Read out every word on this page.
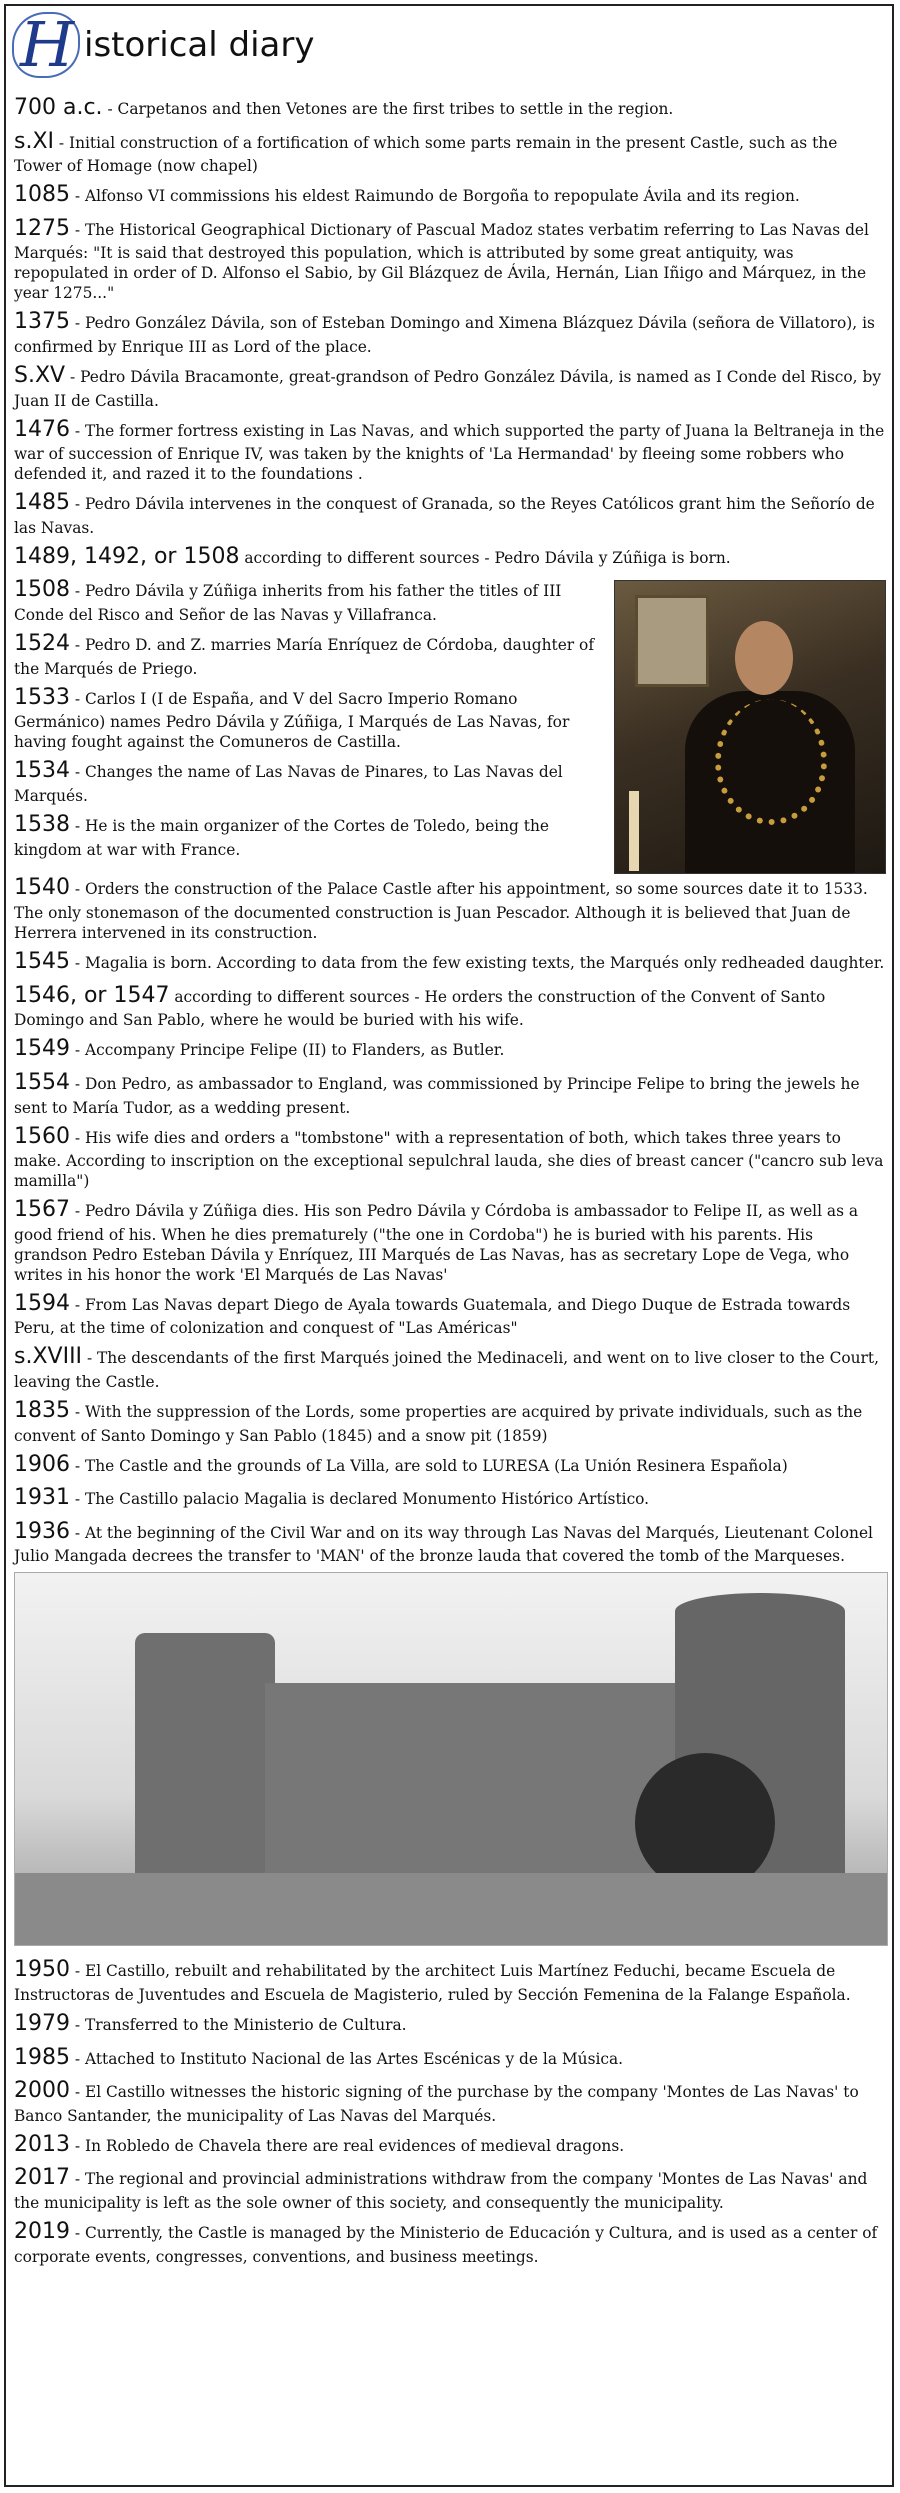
H istorical diary
700 a.c. - Carpetanos and then Vetones are the first tribes to settle in the region.
s.XI - Initial construction of a fortification of which some parts remain in the present Castle, such as the Tower of Homage (now chapel)
1085 - Alfonso VI commissions his eldest Raimundo de Borgoña to repopulate Ávila and its region.
1275 - The Historical Geographical Dictionary of Pascual Madoz states verbatim referring to Las Navas del Marqués: "It is said that destroyed this population, which is attributed by some great antiquity, was repopulated in order of D. Alfonso el Sabio, by Gil Blázquez de Ávila, Hernán, Lian Iñigo and Márquez, in the year 1275..."
1375 - Pedro González Dávila, son of Esteban Domingo and Ximena Blázquez Dávila (señora de Villatoro), is confirmed by Enrique III as Lord of the place.
S.XV - Pedro Dávila Bracamonte, great-grandson of Pedro González Dávila, is named as I Conde del Risco, by Juan II de Castilla.
1476 - The former fortress existing in Las Navas, and which supported the party of Juana la Beltraneja in the war of succession of Enrique IV, was taken by the knights of 'La Hermandad' by fleeing some robbers who defended it, and razed it to the foundations .
1485 - Pedro Dávila intervenes in the conquest of Granada, so the Reyes Católicos grant him the Señorío de las Navas.
1489, 1492, or 1508 according to different sources - Pedro Dávila y Zúñiga is born.
1508 - Pedro Dávila y Zúñiga inherits from his father the titles of III Conde del Risco and Señor de las Navas y Villafranca.
1524 - Pedro D. and Z. marries María Enríquez de Córdoba, daughter of the Marqués de Priego.
1533 - Carlos I (I de España, and V del Sacro Imperio Romano Germánico) names Pedro Dávila y Zúñiga, I Marqués de Las Navas, for having fought against the Comuneros de Castilla.
1534 - Changes the name of Las Navas de Pinares, to Las Navas del Marqués.
1538 - He is the main organizer of the Cortes de Toledo, being the kingdom at war with France.
1540 - Orders the construction of the Palace Castle after his appointment, so some sources date it to 1533. The only stonemason of the documented construction is Juan Pescador. Although it is believed that Juan de Herrera intervened in its construction.
1545 - Magalia is born. According to data from the few existing texts, the Marqués only redheaded daughter.
1546, or 1547 according to different sources - He orders the construction of the Convent of Santo Domingo and San Pablo, where he would be buried with his wife.
1549 - Accompany Principe Felipe (II) to Flanders, as Butler.
1554 - Don Pedro, as ambassador to England, was commissioned by Principe Felipe to bring the jewels he sent to María Tudor, as a wedding present.
1560 - His wife dies and orders a "tombstone" with a representation of both, which takes three years to make. According to inscription on the exceptional sepulchral lauda, she dies of breast cancer ("cancro sub leva mamilla")
1567 - Pedro Dávila y Zúñiga dies. His son Pedro Dávila y Córdoba is ambassador to Felipe II, as well as a good friend of his. When he dies prematurely ("the one in Cordoba") he is buried with his parents. His grandson Pedro Esteban Dávila y Enríquez, III Marqués de Las Navas, has as secretary Lope de Vega, who writes in his honor the work 'El Marqués de Las Navas'
1594 - From Las Navas depart Diego de Ayala towards Guatemala, and Diego Duque de Estrada towards Peru, at the time of colonization and conquest of "Las Américas"
s.XVIII - The descendants of the first Marqués joined the Medinaceli, and went on to live closer to the Court, leaving the Castle.
1835 - With the suppression of the Lords, some properties are acquired by private individuals, such as the convent of Santo Domingo y San Pablo (1845) and a snow pit (1859)
1906 - The Castle and the grounds of La Villa, are sold to LURESA (La Unión Resinera Española)
1931 - The Castillo palacio Magalia is declared Monumento Histórico Artístico.
1936 - At the beginning of the Civil War and on its way through Las Navas del Marqués, Lieutenant Colonel Julio Mangada decrees the transfer to 'MAN' of the bronze lauda that covered the tomb of the Marqueses.
1950 - El Castillo, rebuilt and rehabilitated by the architect Luis Martínez Feduchi, became Escuela de Instructoras de Juventudes and Escuela de Magisterio, ruled by Sección Femenina de la Falange Española.
1979 - Transferred to the Ministerio de Cultura.
1985 - Attached to Instituto Nacional de las Artes Escénicas y de la Música.
2000 - El Castillo witnesses the historic signing of the purchase by the company 'Montes de Las Navas' to Banco Santander, the municipality of Las Navas del Marqués.
2013 - In Robledo de Chavela there are real evidences of medieval dragons.
2017 - The regional and provincial administrations withdraw from the company 'Montes de Las Navas' and the municipality is left as the sole owner of this society, and consequently the municipality.
2019 - Currently, the Castle is managed by the Ministerio de Educación y Cultura, and is used as a center of corporate events, congresses, conventions, and business meetings.
